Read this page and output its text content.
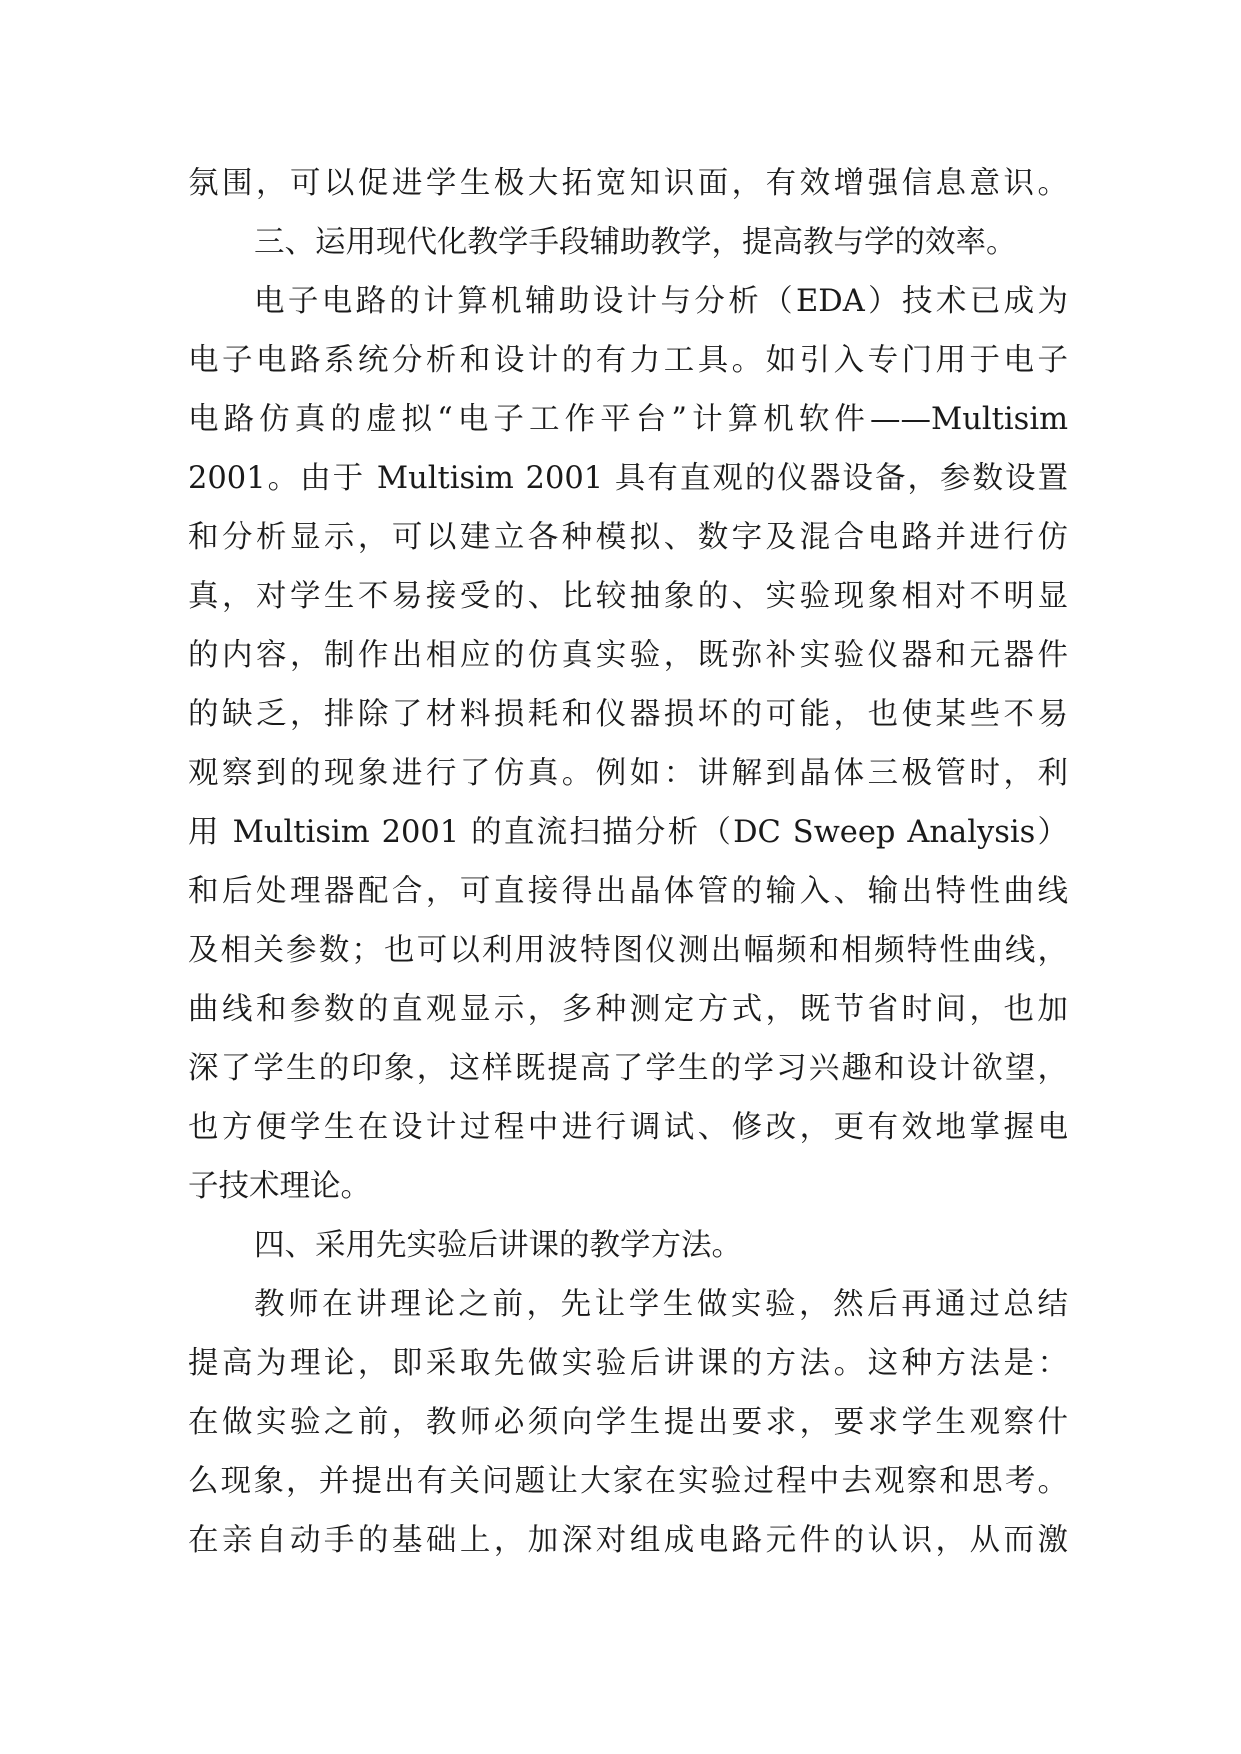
氛围，可以促进学生极大拓宽知识面，有效增强信息意识。
三、运用现代化教学手段辅助教学，提高教与学的效率。
电子电路的计算机辅助设计与分析（EDA）技术已成为
电子电路系统分析和设计的有力工具。如引入专门用于电子
电路仿真的虚拟“电子工作平台”计算机软件——Multisim
2001。由于 Multisim 2001 具有直观的仪器设备，参数设置
和分析显示，可以建立各种模拟、数字及混合电路并进行仿
真，对学生不易接受的、比较抽象的、实验现象相对不明显
的内容，制作出相应的仿真实验，既弥补实验仪器和元器件
的缺乏，排除了材料损耗和仪器损坏的可能，也使某些不易
观察到的现象进行了仿真。例如：讲解到晶体三极管时，利
用 Multisim 2001 的直流扫描分析（DC Sweep Analysis）
和后处理器配合，可直接得出晶体管的输入、输出特性曲线
及相关参数；也可以利用波特图仪测出幅频和相频特性曲线，
曲线和参数的直观显示，多种测定方式，既节省时间，也加
深了学生的印象，这样既提高了学生的学习兴趣和设计欲望，
也方便学生在设计过程中进行调试、修改，更有效地掌握电
子技术理论。
四、采用先实验后讲课的教学方法。
教师在讲理论之前，先让学生做实验，然后再通过总结
提高为理论，即采取先做实验后讲课的方法。这种方法是：
在做实验之前，教师必须向学生提出要求，要求学生观察什
么现象，并提出有关问题让大家在实验过程中去观察和思考。
在亲自动手的基础上，加深对组成电路元件的认识，从而激
